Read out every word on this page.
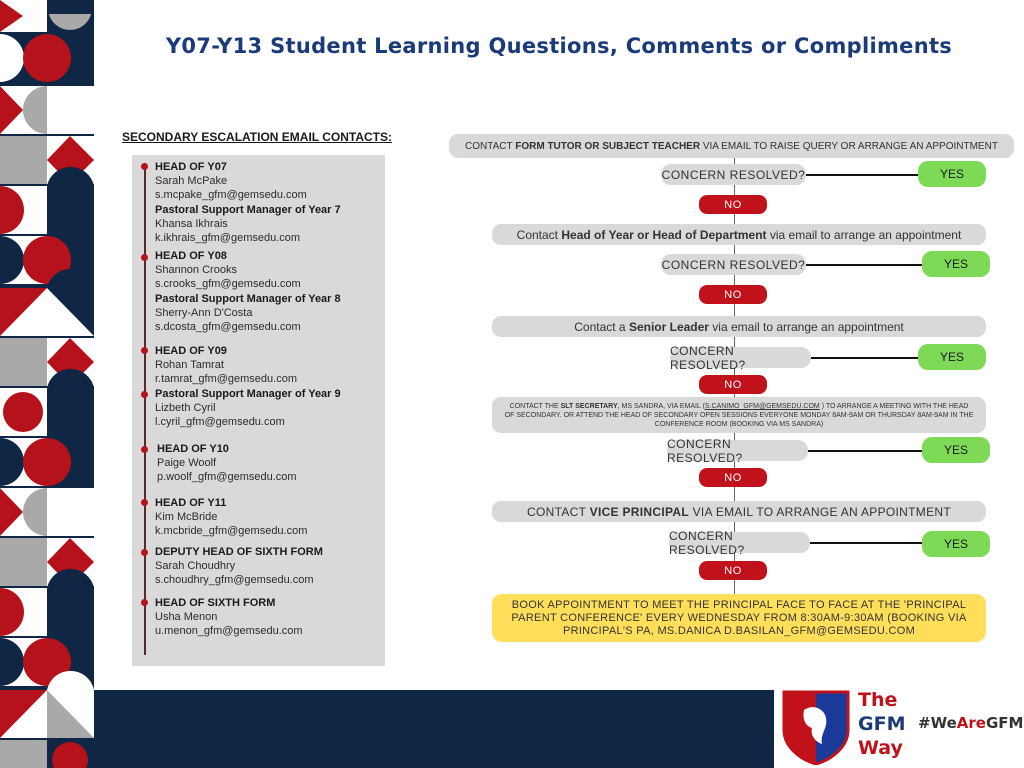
Y07-Y13 Student Learning Questions, Comments or Compliments
SECONDARY ESCALATION EMAIL CONTACTS:
HEAD OF Y07
Sarah McPake
s.mcpake_gfm@gemsedu.com
Pastoral Support Manager of Year 7
Khansa Ikhrais
k.ikhrais_gfm@gemsedu.com
HEAD OF Y08
Shannon Crooks
s.crooks_gfm@gemsedu.com
Pastoral Support Manager of Year 8
Sherry-Ann D'Costa
s.dcosta_gfm@gemsedu.com
HEAD OF Y09
Rohan Tamrat
r.tamrat_gfm@gemsedu.com
Pastoral Support Manager of Year 9
Lizbeth Cyril
l.cyril_gfm@gemsedu.com
HEAD OF Y10
Paige Woolf
p.woolf_gfm@gemsedu.com
HEAD OF Y11
Kim McBride
k.mcbride_gfm@gemsedu.com
DEPUTY HEAD OF SIXTH FORM
Sarah Choudhry
s.choudhry_gfm@gemsedu.com
HEAD OF SIXTH FORM
Usha Menon
u.menon_gfm@gemsedu.com
CONTACT FORM TUTOR OR SUBJECT TEACHER VIA EMAIL TO RAISE QUERY OR ARRANGE AN APPOINTMENT
CONCERN RESOLVED?	YES
NO
Contact Head of Year or Head of Department via email to arrange an appointment
CONCERN RESOLVED?	YES
NO
Contact a Senior Leader via email to arrange an appointment
CONCERN RESOLVED?
YES
NO
CONTACT THE SLT SECRETARY, MS SANDRA, VIA EMAIL (S.CANIMO_GFM@GEMSEDU.COM ) TO ARRANGE A MEETING WITH THE HEAD OF SECONDARY. OR ATTEND THE HEAD OF SECONDARY OPEN SESSIONS EVERYONE MONDAY 8AM-9AM OR THURSDAY 8AM-9AM IN THE CONFERENCE ROOM (BOOKING VIA MS SANDRA)
CONCERN RESOLVED?
YES
NO
CONTACT VICE PRINCIPAL VIA EMAIL TO ARRANGE AN APPOINTMENT
CONCERN RESOLVED?	YES
NO
BOOK APPOINTMENT TO MEET THE PRINCIPAL FACE TO FACE AT THE 'PRINCIPAL PARENT CONFERENCE' EVERY WEDNESDAY FROM 8:30AM-9:30AM (BOOKING VIA PRINCIPAL'S PA, MS.DANICA D.BASILAN_GFM@GEMSEDU.COM
The
GFM
Way
#WeAreGFM
